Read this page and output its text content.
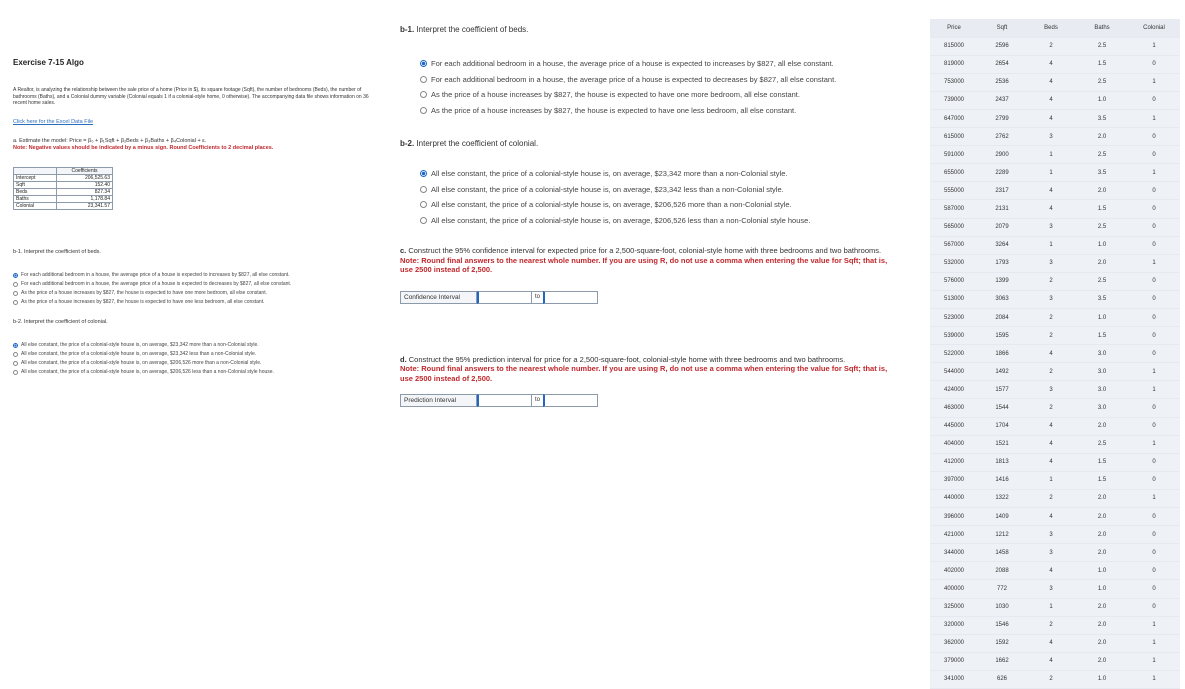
Exercise 7-15 Algo
A Realtor, is analyzing the relationship between the sale price of a home (Price in $), its square footage (Sqft), the number of bedrooms (Beds), the number of bathrooms (Baths), and a Colonial dummy variable (Colonial equals 1 if a colonial-style home, 0 otherwise). The accompanying data file shows information on 36 recent home sales.
Click here for the Excel Data File
a. Estimate the model: Price = β₀ + β₁Sqft + β₂Beds + β₃Baths + β₄Colonial + ε.
Note: Negative values should be indicated by a minus sign. Round Coefficients to 2 decimal places.
	Coefficients
Intercept	206,525.63
Sqft	152.40
Beds	827.34
Baths	1,178.84
Colonial	23,341.57
b-1. Interpret the coefficient of beds.
For each additional bedroom in a house, the average price of a house is expected to increases by $827, all else constant.
For each additional bedroom in a house, the average price of a house is expected to decreases by $827, all else constant.
As the price of a house increases by $827, the house is expected to have one more bedroom, all else constant.
As the price of a house increases by $827, the house is expected to have one less bedroom, all else constant.
b-2. Interpret the coefficient of colonial.
All else constant, the price of a colonial-style house is, on average, $23,342 more than a non-Colonial style.
All else constant, the price of a colonial-style house is, on average, $23,342 less than a non-Colonial style.
All else constant, the price of a colonial-style house is, on average, $206,526 more than a non-Colonial style.
All else constant, the price of a colonial-style house is, on average, $206,526 less than a non-Colonial style house.
b-1. Interpret the coefficient of beds.
For each additional bedroom in a house, the average price of a house is expected to increases by $827, all else constant.
For each additional bedroom in a house, the average price of a house is expected to decreases by $827, all else constant.
As the price of a house increases by $827, the house is expected to have one more bedroom, all else constant.
As the price of a house increases by $827, the house is expected to have one less bedroom, all else constant.
b-2. Interpret the coefficient of colonial.
All else constant, the price of a colonial-style house is, on average, $23,342 more than a non-Colonial style.
All else constant, the price of a colonial-style house is, on average, $23,342 less than a non-Colonial style.
All else constant, the price of a colonial-style house is, on average, $206,526 more than a non-Colonial style.
All else constant, the price of a colonial-style house is, on average, $206,526 less than a non-Colonial style house.
c. Construct the 95% confidence interval for expected price for a 2,500-square-foot, colonial-style home with three bedrooms and two bathrooms.
Note: Round final answers to the nearest whole number. If you are using R, do not use a comma when entering the value for Sqft; that is, use 2500 instead of 2,500.
Confidence Interval	to
d. Construct the 95% prediction interval for price for a 2,500-square-foot, colonial-style home with three bedrooms and two bathrooms.
Note: Round final answers to the nearest whole number. If you are using R, do not use a comma when entering the value for Sqft; that is, use 2500 instead of 2,500.
Prediction Interval	to
Price	Sqft	Beds	Baths	Colonial
815000	2596	2	2.5	1
819000	2654	4	1.5	0
753000	2536	4	2.5	1
739000	2437	4	1.0	0
647000	2799	4	3.5	1
615000	2762	3	2.0	0
591000	2900	1	2.5	0
655000	2289	1	3.5	1
555000	2317	4	2.0	0
587000	2131	4	1.5	0
565000	2079	3	2.5	0
567000	3264	1	1.0	0
532000	1793	3	2.0	1
576000	1399	2	2.5	0
513000	3063	3	3.5	0
523000	2084	2	1.0	0
539000	1595	2	1.5	0
522000	1866	4	3.0	0
544000	1492	2	3.0	1
424000	1577	3	3.0	1
463000	1544	2	3.0	0
445000	1704	4	2.0	0
404000	1521	4	2.5	1
412000	1813	4	1.5	0
397000	1416	1	1.5	0
440000	1322	2	2.0	1
396000	1409	4	2.0	0
421000	1212	3	2.0	0
344000	1458	3	2.0	0
402000	2088	4	1.0	0
400000	772	3	1.0	0
325000	1030	1	2.0	0
320000	1546	2	2.0	1
362000	1592	4	2.0	1
379000	1662	4	2.0	1
341000	626	2	1.0	1
